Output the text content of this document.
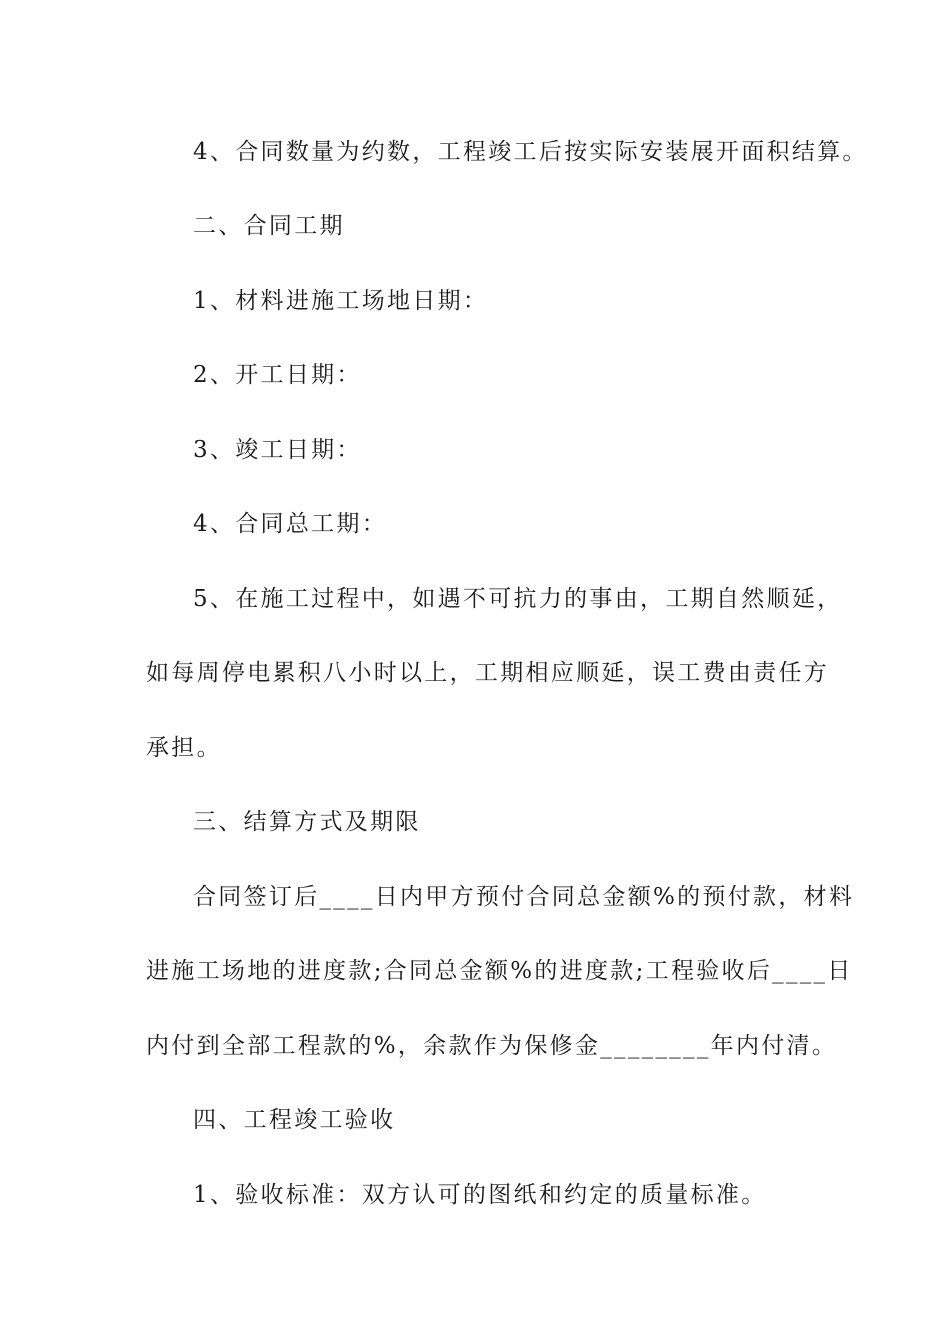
4、合同数量为约数，工程竣工后按实际安装展开面积结算。
二、合同工期
1、材料进施工场地日期：
2、开工日期：
3、竣工日期：
4、合同总工期：
5、在施工过程中，如遇不可抗力的事由，工期自然顺延，
如每周停电累积八小时以上，工期相应顺延，误工费由责任方
承担。
三、结算方式及期限
合同签订后____日内甲方预付合同总金额%的预付款，材料
进施工场地的进度款;合同总金额%的进度款;工程验收后____日
内付到全部工程款的%，余款作为保修金________年内付清。
四、工程竣工验收
1、验收标准：双方认可的图纸和约定的质量标准。
